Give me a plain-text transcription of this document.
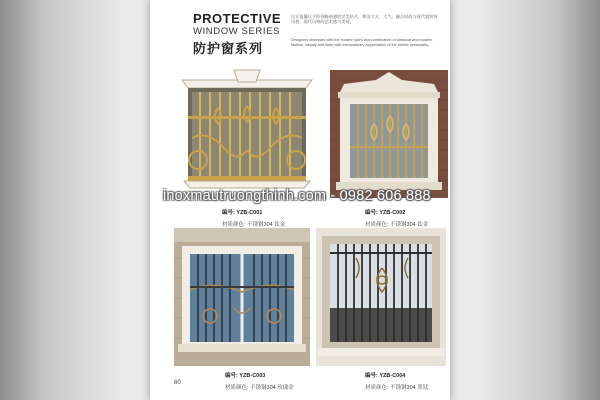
PROTECTIVE
WINDOW SERIES
防护窗系列
设计温馨让手所领略新感的完美结合，简洁大方，大气。融合时尚与现代感装饰风格，现代风格的艺术感与美观。
Designers obsessed with the modern spirit and combination of classical and modern fashion, beauty and taste with extraordinary appreciation of the artistic personality.
inoxmautruongthinh.com - 0982 606 888
编号: YZB-C001
材质颜色: 不锈钢304 钛金
编号: YZB-C002
材质颜色: 不锈钢304 钛金
编号: YZB-C003
材质颜色: 不锈钢304 玫瑰金
编号: YZB-C004
材质颜色: 不锈钢304 黑钛
60
